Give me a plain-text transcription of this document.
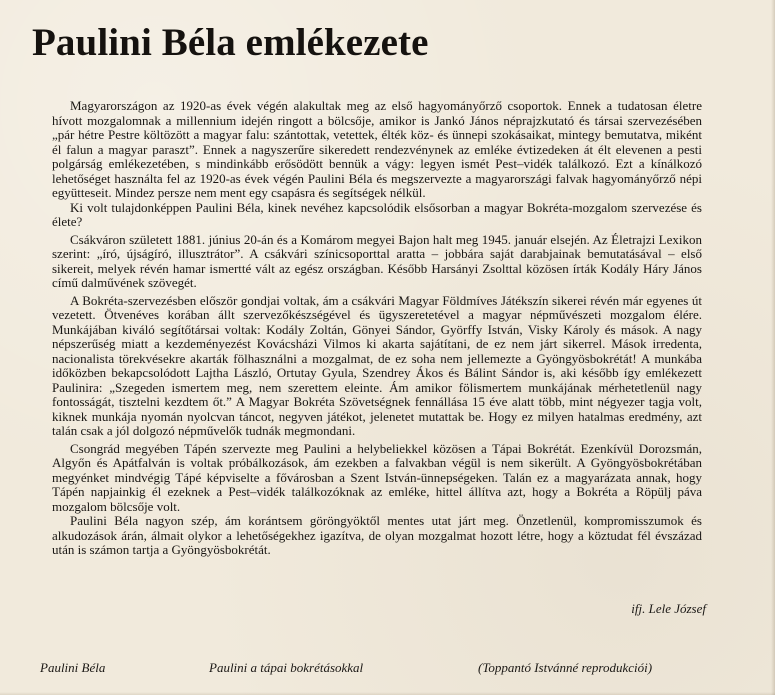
Paulini Béla emlékezete

Magyarországon az 1920-as évek végén alakultak meg az első hagyományőrző csoportok. Ennek a tudatosan életre hívott mozgalomnak a millennium idején ringott a bölcsője, amikor is Jankó János néprajzkutató és társai szervezésében „pár hétre Pestre költözött a magyar falu: szántottak, vetettek, élték köz- és ünnepi szokásaikat, mintegy bemutatva, miként él falun a magyar paraszt”. Ennek a nagyszerűre sikeredett rendezvénynek az emléke évtizedeken át élt elevenen a pesti polgárság emlékezetében, s mindinkább erősödött bennük a vágy: legyen ismét Pest–vidék találkozó. Ezt a kínálkozó lehetőséget használta fel az 1920-as évek végén Paulini Béla és megszervezte a magyarországi falvak hagyományőrző népi együtteseit. Mindez persze nem ment egy csapásra és segítségek nélkül.

Ki volt tulajdonképpen Paulini Béla, kinek nevéhez kapcsolódik elsősorban a magyar Bokréta-mozgalom szervezése és élete?

Csákváron született 1881. június 20-án és a Komárom megyei Bajon halt meg 1945. január elsején. Az Életrajzi Lexikon szerint: „író, újságíró, illusztrátor”. A csákvári színicsoporttal aratta – jobbára saját darabjainak bemutatásával – első sikereit, melyek révén hamar ismertté vált az egész országban. Később Harsányi Zsolttal közösen írták Kodály Háry János című dalművének szövegét.

A Bokréta-szervezésben először gondjai voltak, ám a csákvári Magyar Földmíves Játékszín sikerei révén már egyenes út vezetett. Ötvenéves korában állt szervezőkészségével és ügyszeretetével a magyar népművészeti mozgalom élére. Munkájában kiváló segítőtársai voltak: Kodály Zoltán, Gönyei Sándor, Györffy István, Visky Károly és mások. A nagy népszerűség miatt a kezdeményezést Kovácsházi Vilmos ki akarta sajátítani, de ez nem járt sikerrel. Mások irredenta, nacionalista törekvésekre akarták fölhasználni a mozgalmat, de ez soha nem jellemezte a Gyöngyösbokrétát! A munkába időközben bekapcsolódott Lajtha László, Ortutay Gyula, Szendrey Ákos és Bálint Sándor is, aki később így emlékezett Paulinira: „Szegeden ismertem meg, nem szerettem eleinte. Ám amikor fölismertem munkájának mérhetetlenül nagy fontosságát, tisztelni kezdtem őt.” A Magyar Bokréta Szövetségnek fennállása 15 éve alatt több, mint négyezer tagja volt, kiknek munkája nyomán nyolcvan táncot, negyven játékot, jelenetet mutattak be. Hogy ez milyen hatalmas eredmény, azt talán csak a jól dolgozó népművelők tudnák megmondani.

Csongrád megyében Tápén szervezte meg Paulini a helybeliekkel közösen a Tápai Bokrétát. Ezenkívül Dorozsmán, Algyőn és Apátfalván is voltak próbálkozások, ám ezekben a falvakban végül is nem sikerült. A Gyöngyösbokrétában megyénket mindvégig Tápé képviselte a fővárosban a Szent István-ünnepségeken. Talán ez a magyarázata annak, hogy Tápén napjainkig él ezeknek a Pest–vidék találkozóknak az emléke, hittel állítva azt, hogy a Bokréta a Röpülj páva mozgalom bölcsője volt.

Paulini Béla nagyon szép, ám korántsem göröngyöktől mentes utat járt meg. Önzetlenül, kompromisszumok és alkudozások árán, álmait olykor a lehetőségekhez igazítva, de olyan mozgalmat hozott létre, hogy a köztudat fél évszázad után is számon tartja a Gyöngyösbokrétát.

ifj. Lele József
Paulini Béla	Paulini a tápai bokrétásokkal	(Toppantó Istvánné reprodukciói)
